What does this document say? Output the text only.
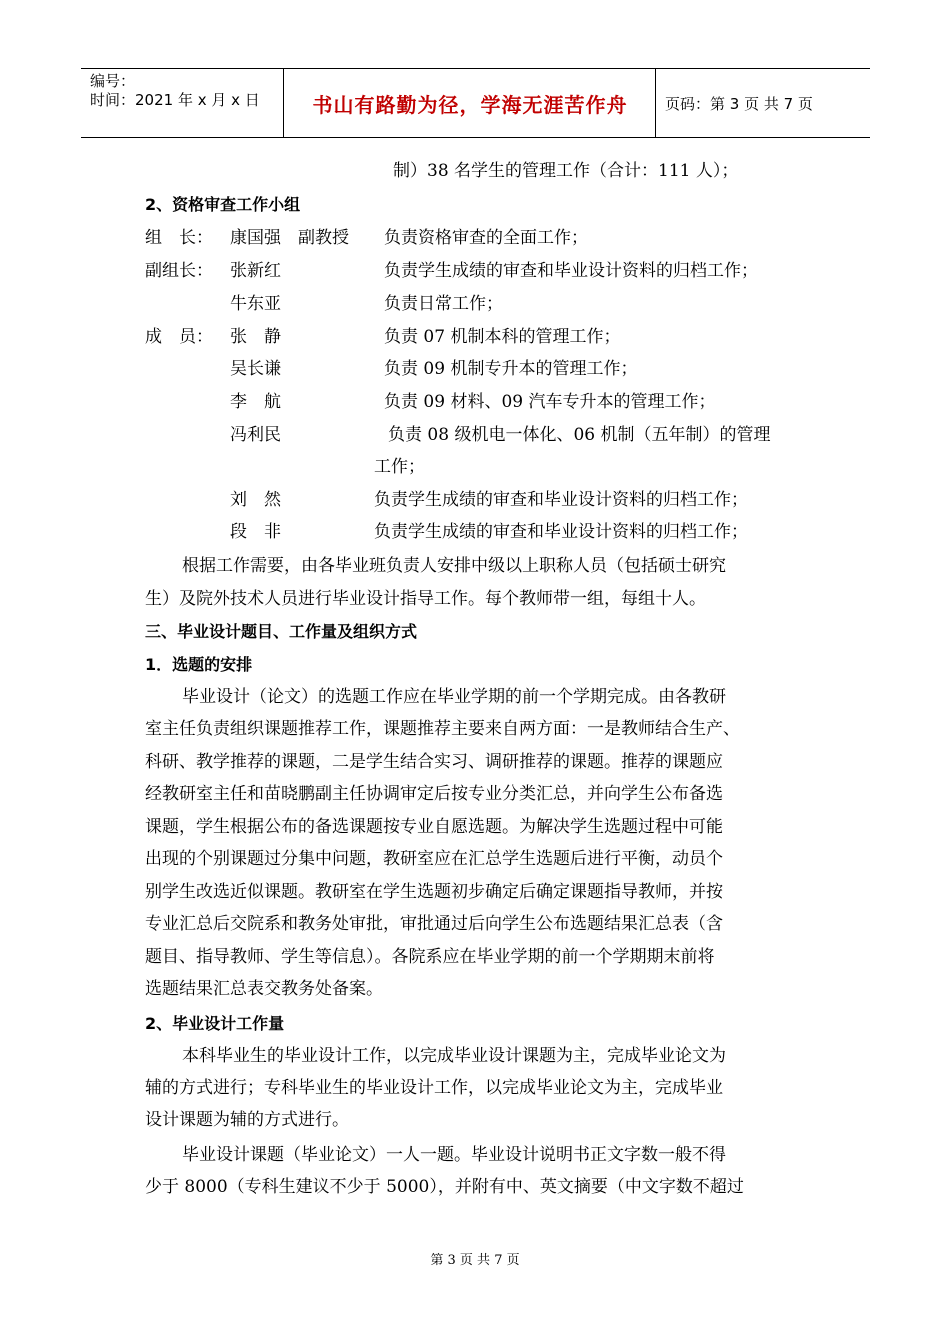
编号：
时间：2021 年 x 月 x 日	书山有路勤为径，学海无涯苦作舟	页码：第 3 页 共 7 页
制）38 名学生的管理工作（合计：111 人）；
2、资格审查工作小组
组　长： 康国强　副教授 负责资格审查的全面工作；
副组长： 张新红	负责学生成绩的审查和毕业设计资料的归档工作；
牛东亚	负责日常工作；
成　员： 张　静	负责 07 机制本科的管理工作；
吴长谦	负责 09 机制专升本的管理工作；
李　航	负责 09 材料、09 汽车专升本的管理工作；
冯利民	负责 08 级机电一体化、06 机制（五年制）的管理
工作；
刘　然	负责学生成绩的审查和毕业设计资料的归档工作；
段　非	负责学生成绩的审查和毕业设计资料的归档工作；
根据工作需要，由各毕业班负责人安排中级以上职称人员（包括硕士研究
生）及院外技术人员进行毕业设计指导工作。每个教师带一组，每组十人。
三、毕业设计题目、工作量及组织方式
1．选题的安排
毕业设计（论文）的选题工作应在毕业学期的前一个学期完成。由各教研
室主任负责组织课题推荐工作，课题推荐主要来自两方面：一是教师结合生产、
科研、教学推荐的课题，二是学生结合实习、调研推荐的课题。推荐的课题应
经教研室主任和苗晓鹏副主任协调审定后按专业分类汇总，并向学生公布备选
课题，学生根据公布的备选课题按专业自愿选题。为解决学生选题过程中可能
出现的个别课题过分集中问题，教研室应在汇总学生选题后进行平衡，动员个
别学生改选近似课题。教研室在学生选题初步确定后确定课题指导教师，并按
专业汇总后交院系和教务处审批，审批通过后向学生公布选题结果汇总表（含
题目、指导教师、学生等信息）。各院系应在毕业学期的前一个学期期末前将
选题结果汇总表交教务处备案。
2、毕业设计工作量
本科毕业生的毕业设计工作，以完成毕业设计课题为主，完成毕业论文为
辅的方式进行；专科毕业生的毕业设计工作，以完成毕业论文为主，完成毕业
设计课题为辅的方式进行。
毕业设计课题（毕业论文）一人一题。毕业设计说明书正文字数一般不得
少于 8000（专科生建议不少于 5000），并附有中、英文摘要（中文字数不超过
第 3 页 共 7 页
